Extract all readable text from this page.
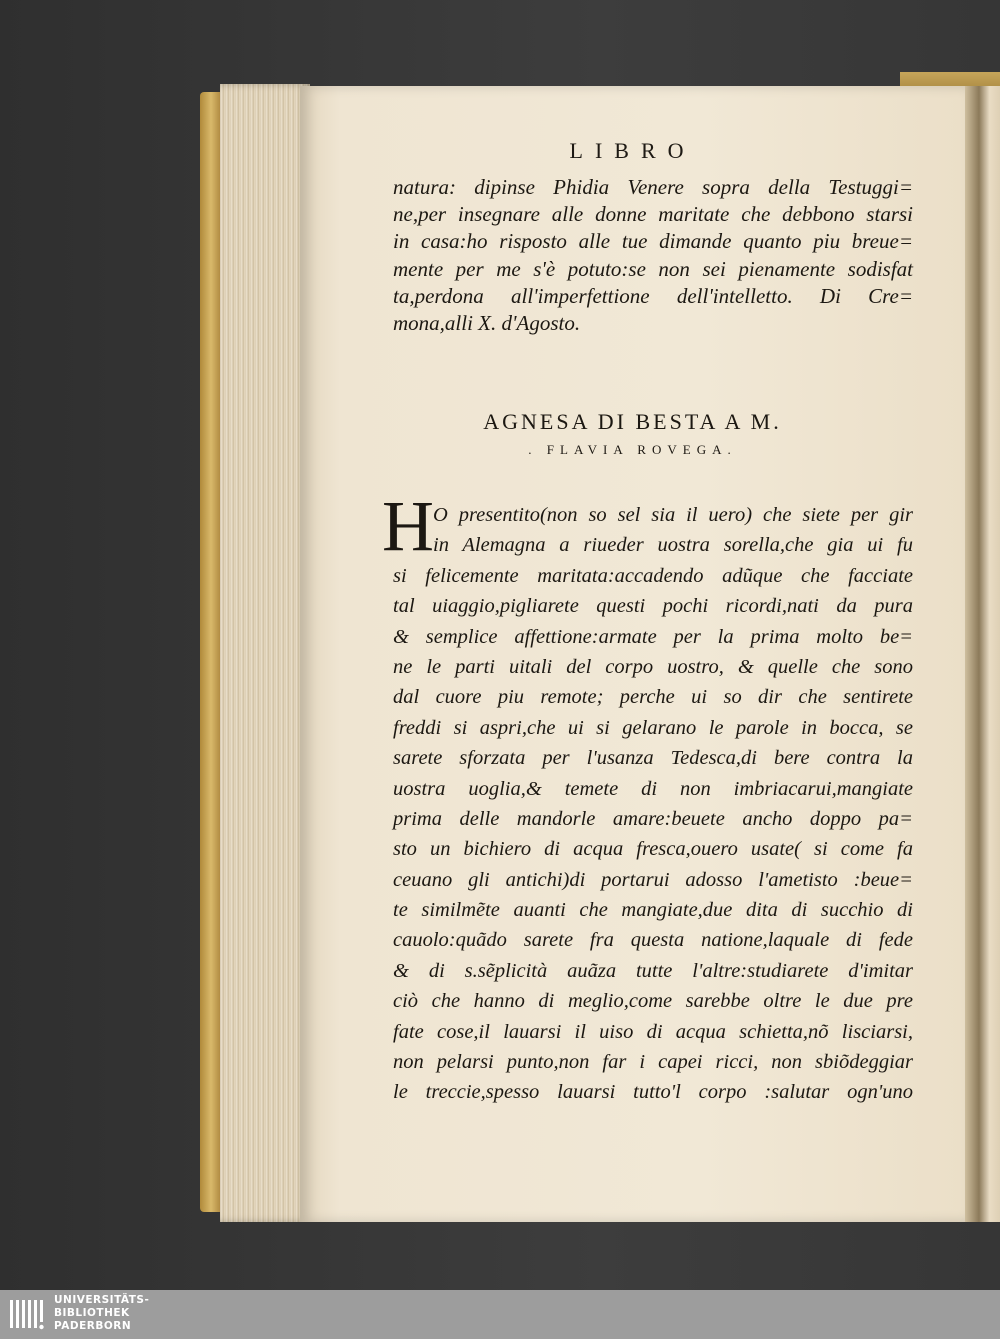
LIBRO
natura: dipinse Phidia Venere sopra della Testuggi=
ne,per insegnare alle donne maritate che debbono starsi
in casa:ho risposto alle tue dimande quanto piu breue=
mente per me s'è potuto:se non sei pienamente sodisfat
ta,perdona all'imperfettione dell'intelletto. Di Cre=
mona,alli X. d'Agosto.
AGNESA DI BESTA A M.
. FLAVIA ROVEGA.
H O presentito(non so sel sia il uero) che siete per gir
in Alemagna a riueder uostra sorella,che gia ui fu
si felicemente maritata:accadendo adũque che facciate
tal uiaggio,pigliarete questi pochi ricordi,nati da pura
& semplice affettione:armate per la prima molto be=
ne le parti uitali del corpo uostro, & quelle che sono
dal cuore piu remote; perche ui so dir che sentirete
freddi si aspri,che ui si gelarano le parole in bocca, se
sarete sforzata per l'usanza Tedesca,di bere contra la
uostra uoglia,& temete di non imbriacarui,mangiate
prima delle mandorle amare:beuete ancho doppo pa=
sto un bichiero di acqua fresca,ouero usate( si come fa
ceuano gli antichi)di portarui adosso l'ametisto :beue=
te similmẽte auanti che mangiate,due dita di succhio di
cauolo:quãdo sarete fra questa natione,laquale di fede
& di s.sẽplicità auãza tutte l'altre:studiarete d'imitar
ciò che hanno di meglio,come sarebbe oltre le due pre
fate cose,il lauarsi il uiso di acqua schietta,nõ lisciarsi,
non pelarsi punto,non far i capei ricci, non sbiõdeggiar
le treccie,spesso lauarsi tutto'l corpo :salutar ogn'uno
UNIVERSITÄTS-
BIBLIOTHEK
PADERBORN
